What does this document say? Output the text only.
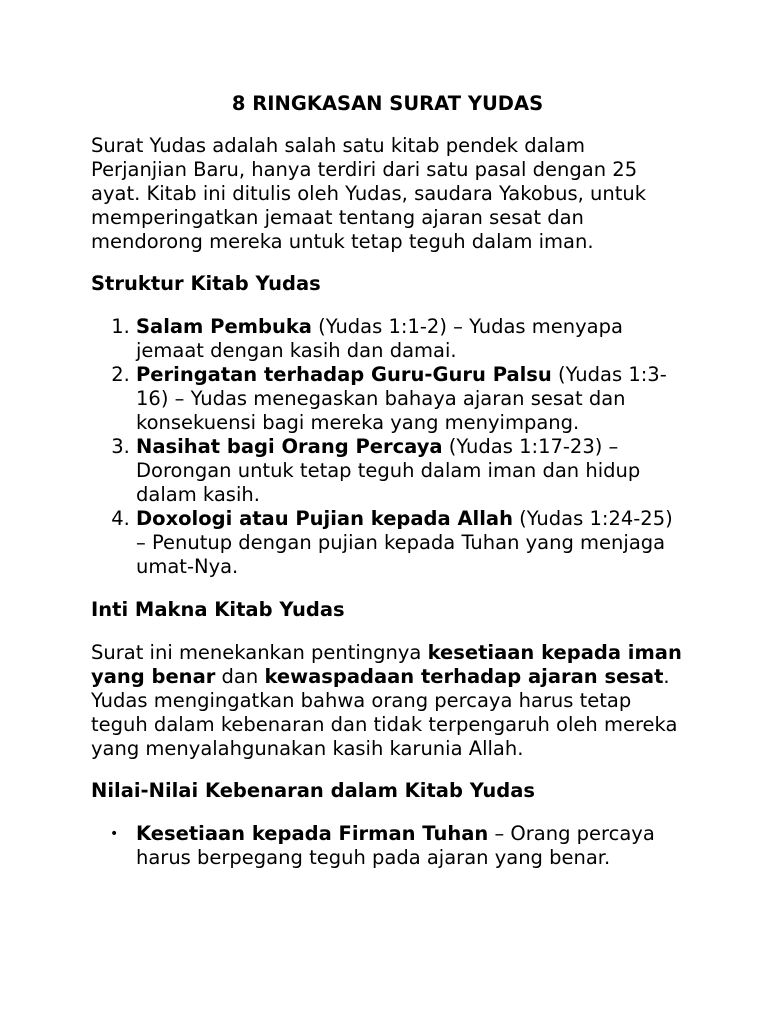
8 RINGKASAN SURAT YUDAS

Surat Yudas adalah salah satu kitab pendek dalam Perjanjian Baru, hanya terdiri dari satu pasal dengan 25 ayat. Kitab ini ditulis oleh Yudas, saudara Yakobus, untuk memperingatkan jemaat tentang ajaran sesat dan mendorong mereka untuk tetap teguh dalam iman.

Struktur Kitab Yudas
1. Salam Pembuka (Yudas 1:1-2) – Yudas menyapa jemaat dengan kasih dan damai.
2. Peringatan terhadap Guru-Guru Palsu (Yudas 1:3-16) – Yudas menegaskan bahaya ajaran sesat dan konsekuensi bagi mereka yang menyimpang.
3. Nasihat bagi Orang Percaya (Yudas 1:17-23) – Dorongan untuk tetap teguh dalam iman dan hidup dalam kasih.
4. Doxologi atau Pujian kepada Allah (Yudas 1:24-25) – Penutup dengan pujian kepada Tuhan yang menjaga umat-Nya.
Inti Makna Kitab Yudas

Surat ini menekankan pentingnya kesetiaan kepada iman yang benar dan kewaspadaan terhadap ajaran sesat. Yudas mengingatkan bahwa orang percaya harus tetap teguh dalam kebenaran dan tidak terpengaruh oleh mereka yang menyalahgunakan kasih karunia Allah.

Nilai-Nilai Kebenaran dalam Kitab Yudas
• Kesetiaan kepada Firman Tuhan – Orang percaya harus berpegang teguh pada ajaran yang benar.
